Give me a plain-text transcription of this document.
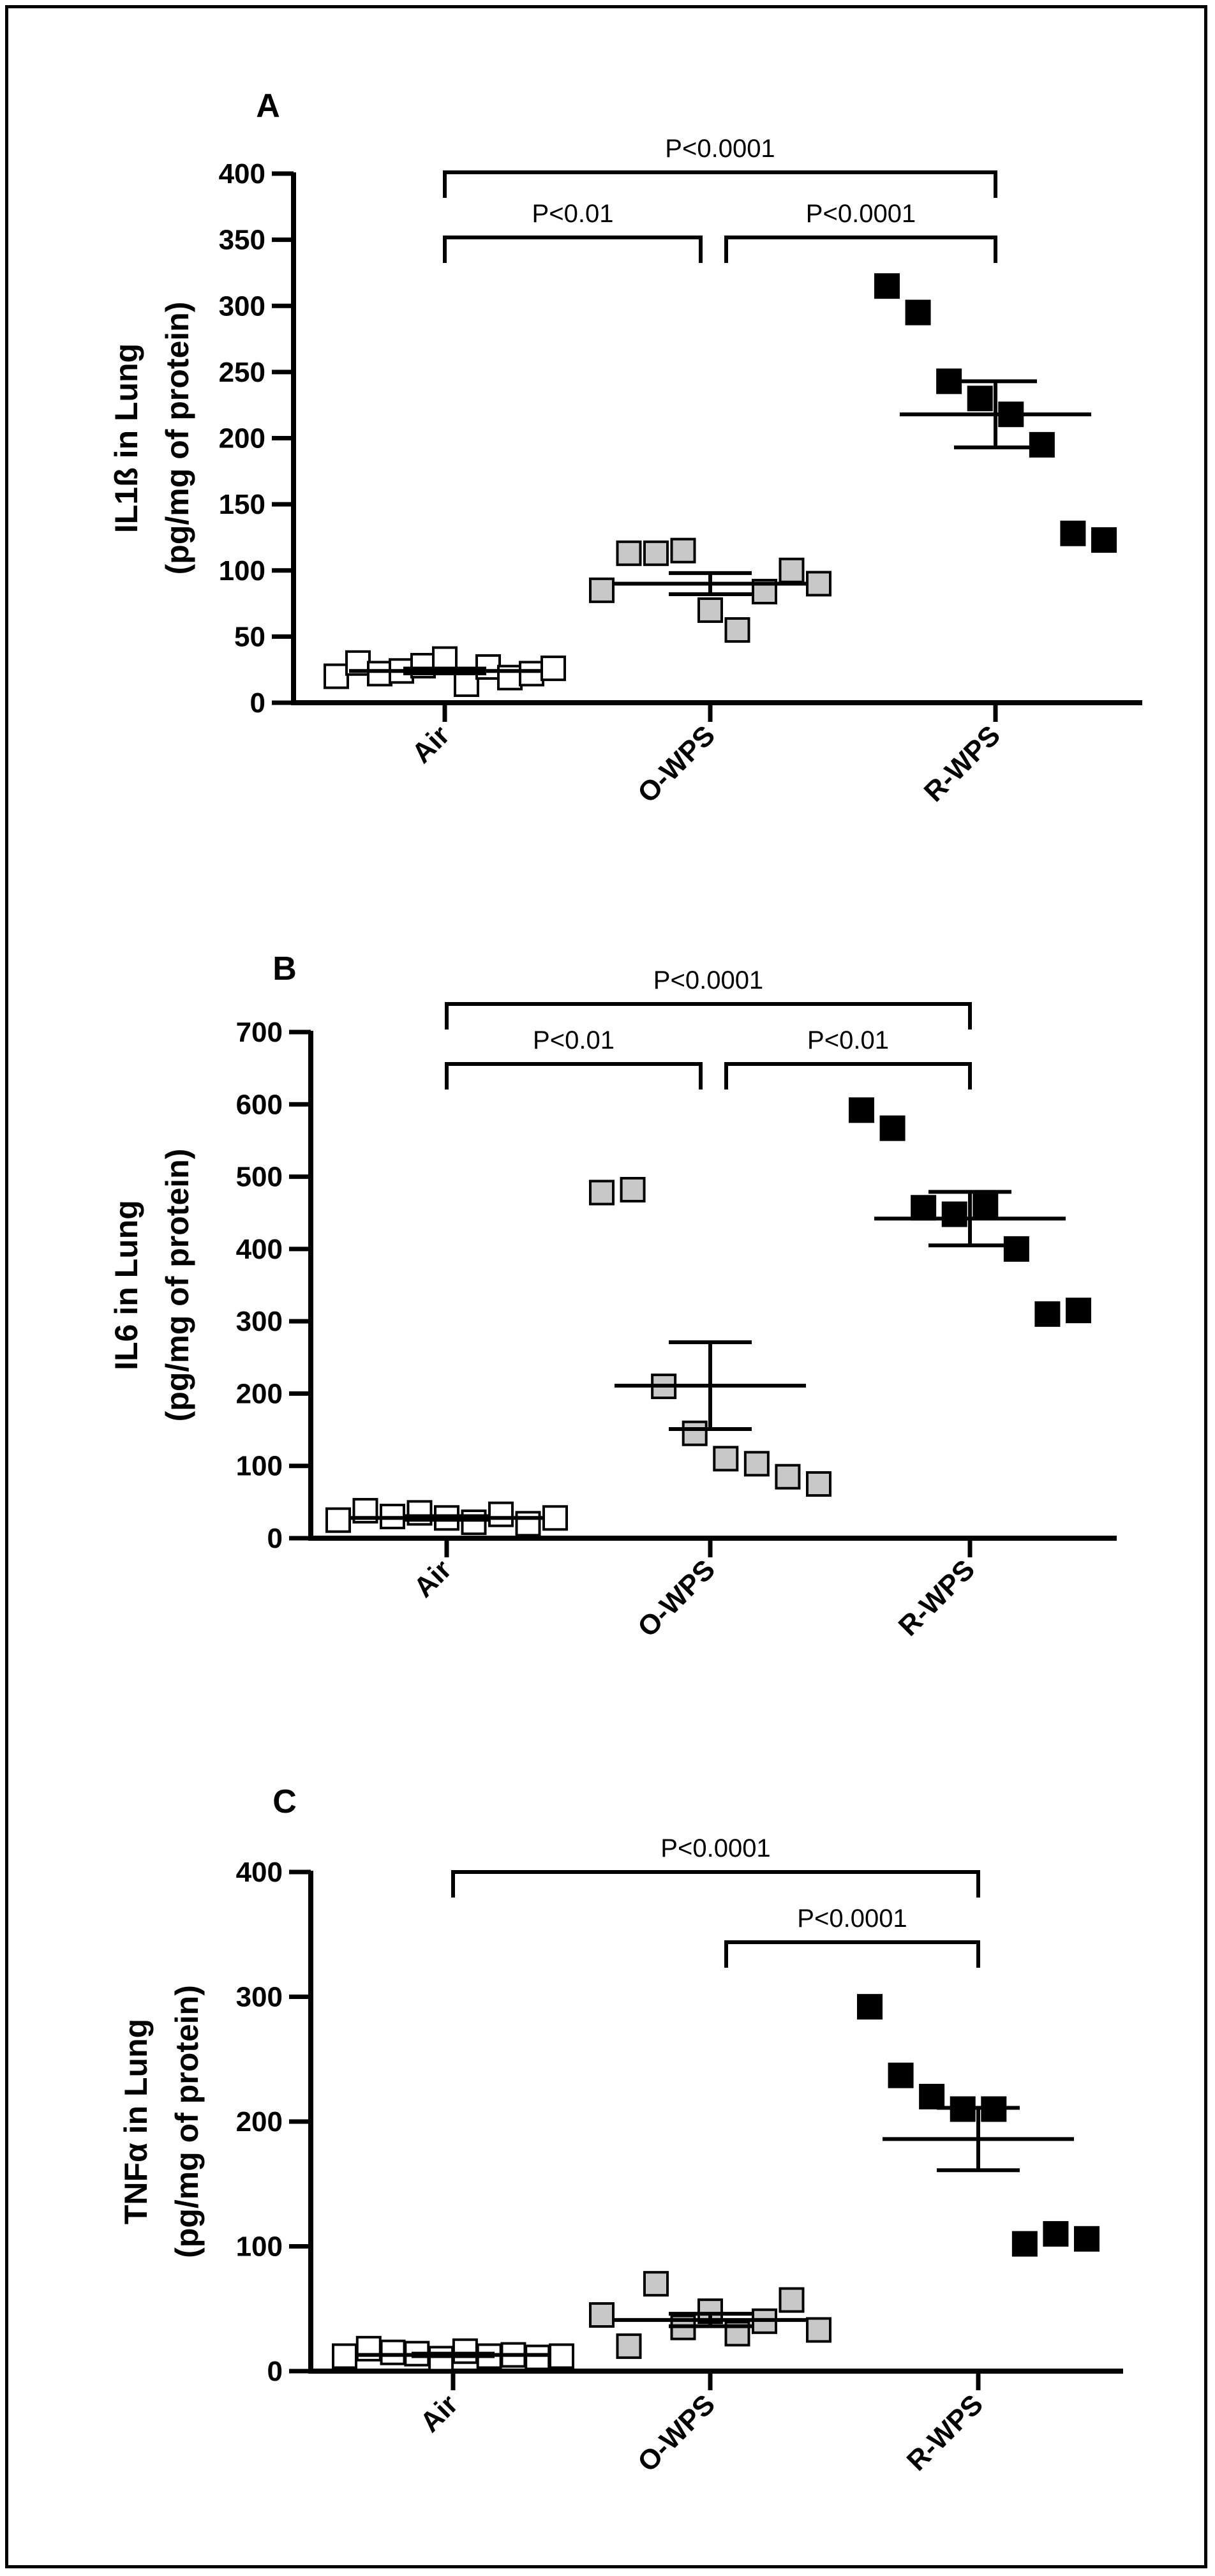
A
0
50
100
150
200
250
300
350
400
IL1ß in Lung (pg/mg of protein)
Air	O-WPS	R-WPS
P<0.0001
P<0.01	P<0.0001
B
0
100
200
300
400
500
600
700
IL6 in Lung (pg/mg of protein)
Air	O-WPS	R-WPS
P<0.0001
P<0.01	P<0.01
C
0
100
200
300
400
TNFα in Lung (pg/mg of protein)
Air	O-WPS	R-WPS
P<0.0001
P<0.0001
